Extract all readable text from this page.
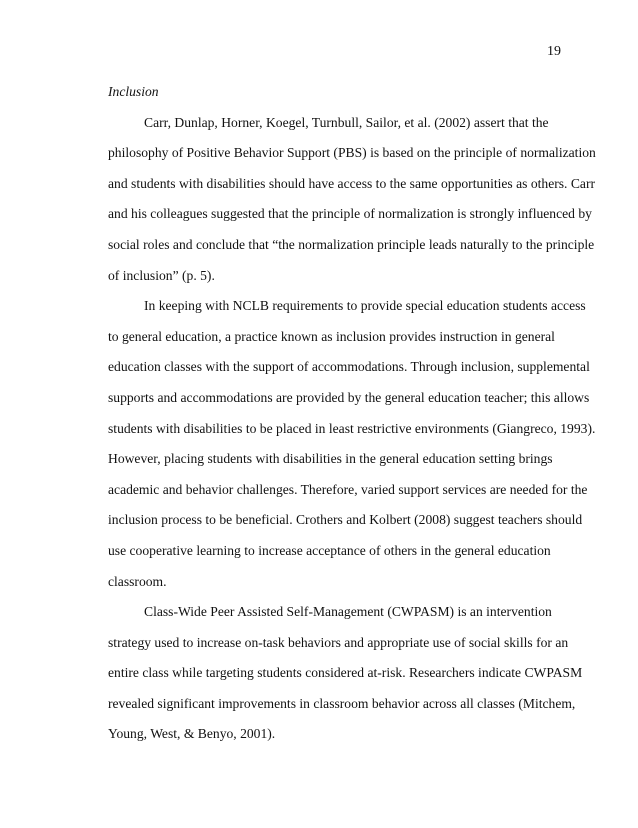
19
Inclusion

Carr, Dunlap, Horner, Koegel, Turnbull, Sailor, et al. (2002) assert that the
philosophy of Positive Behavior Support (PBS) is based on the principle of normalization
and students with disabilities should have access to the same opportunities as others. Carr
and his colleagues suggested that the principle of normalization is strongly influenced by
social roles and conclude that “the normalization principle leads naturally to the principle
of inclusion” (p. 5).

In keeping with NCLB requirements to provide special education students access
to general education, a practice known as inclusion provides instruction in general
education classes with the support of accommodations. Through inclusion, supplemental
supports and accommodations are provided by the general education teacher; this allows
students with disabilities to be placed in least restrictive environments (Giangreco, 1993).
However, placing students with disabilities in the general education setting brings
academic and behavior challenges. Therefore, varied support services are needed for the
inclusion process to be beneficial. Crothers and Kolbert (2008) suggest teachers should
use cooperative learning to increase acceptance of others in the general education
classroom.

Class-Wide Peer Assisted Self-Management (CWPASM) is an intervention
strategy used to increase on-task behaviors and appropriate use of social skills for an
entire class while targeting students considered at-risk. Researchers indicate CWPASM
revealed significant improvements in classroom behavior across all classes (Mitchem,
Young, West, & Benyo, 2001).
